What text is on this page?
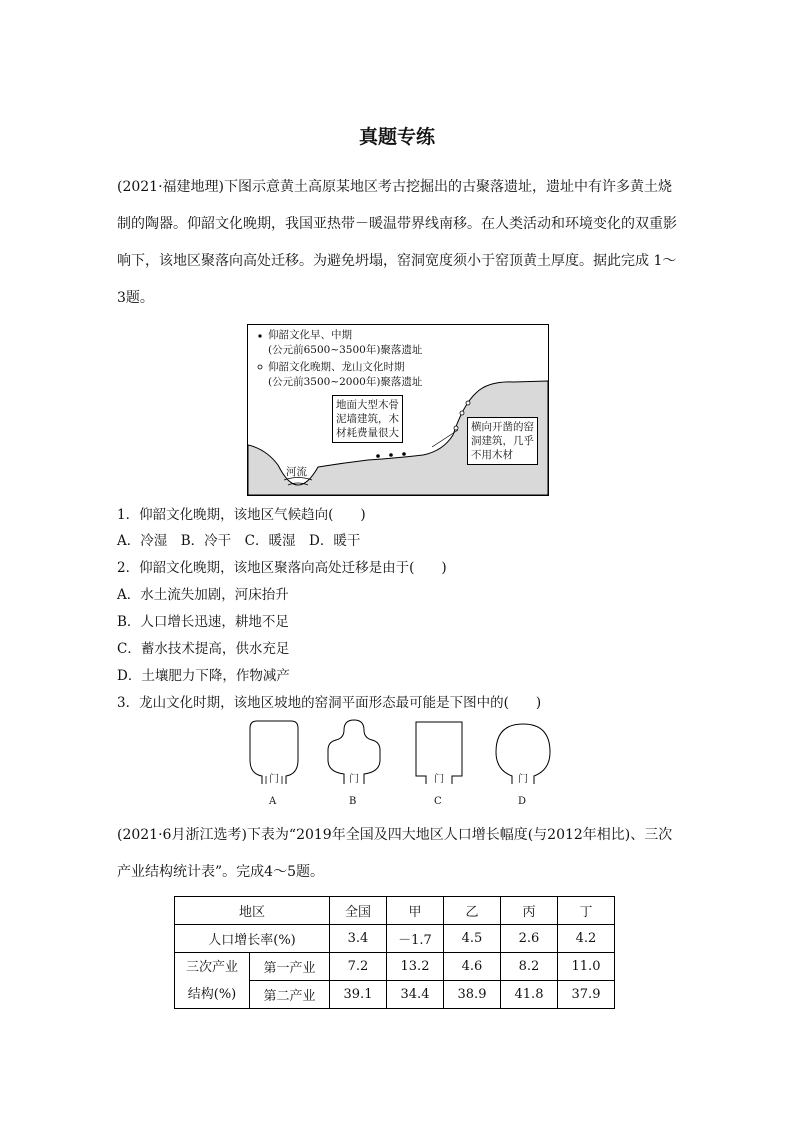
真题专练
(2021·福建地理)下图示意黄土高原某地区考古挖掘出的古聚落遗址，遗址中有许多黄土烧制的陶器。仰韶文化晚期，我国亚热带－暖温带界线南移。在人类活动和环境变化的双重影响下，该地区聚落向高处迁移。为避免坍塌，窑洞宽度须小于窑顶黄土厚度。据此完成 1～3题。
仰韶文化早、中期
(公元前6500~3500年)聚落遗址
仰韶文化晚期、龙山文化时期
(公元前3500~2000年)聚落遗址
地面大型木骨
泥墙建筑，木
材耗费量很大	横向开凿的窑
洞建筑，几乎
不用木材
河流
1．仰韶文化晚期，该地区气候趋向(　　)
A．冷湿　B．冷干　C．暖湿　D．暖干
2．仰韶文化晚期，该地区聚落向高处迁移是由于(　　)
A．水土流失加剧，河床抬升
B．人口增长迅速，耕地不足
C．蓄水技术提高，供水充足
D．土壤肥力下降，作物减产
3．龙山文化时期，该地区坡地的窑洞平面形态最可能是下图中的(　　)
门	门	门	门
A	B	C	D
(2021·6月浙江选考)下表为“2019年全国及四大地区人口增长幅度(与2012年相比)、三次产业结构统计表”。完成4～5题。
地区		全国	甲	乙	丙	丁
人口增长率(%)		3.4	－1.7	4.5	2.6	4.2

三次产业
结构(%)	第一产业	7.2	13.2	4.6	8.2	11.0
	第二产业	39.1	34.4	38.9	41.8	37.9
